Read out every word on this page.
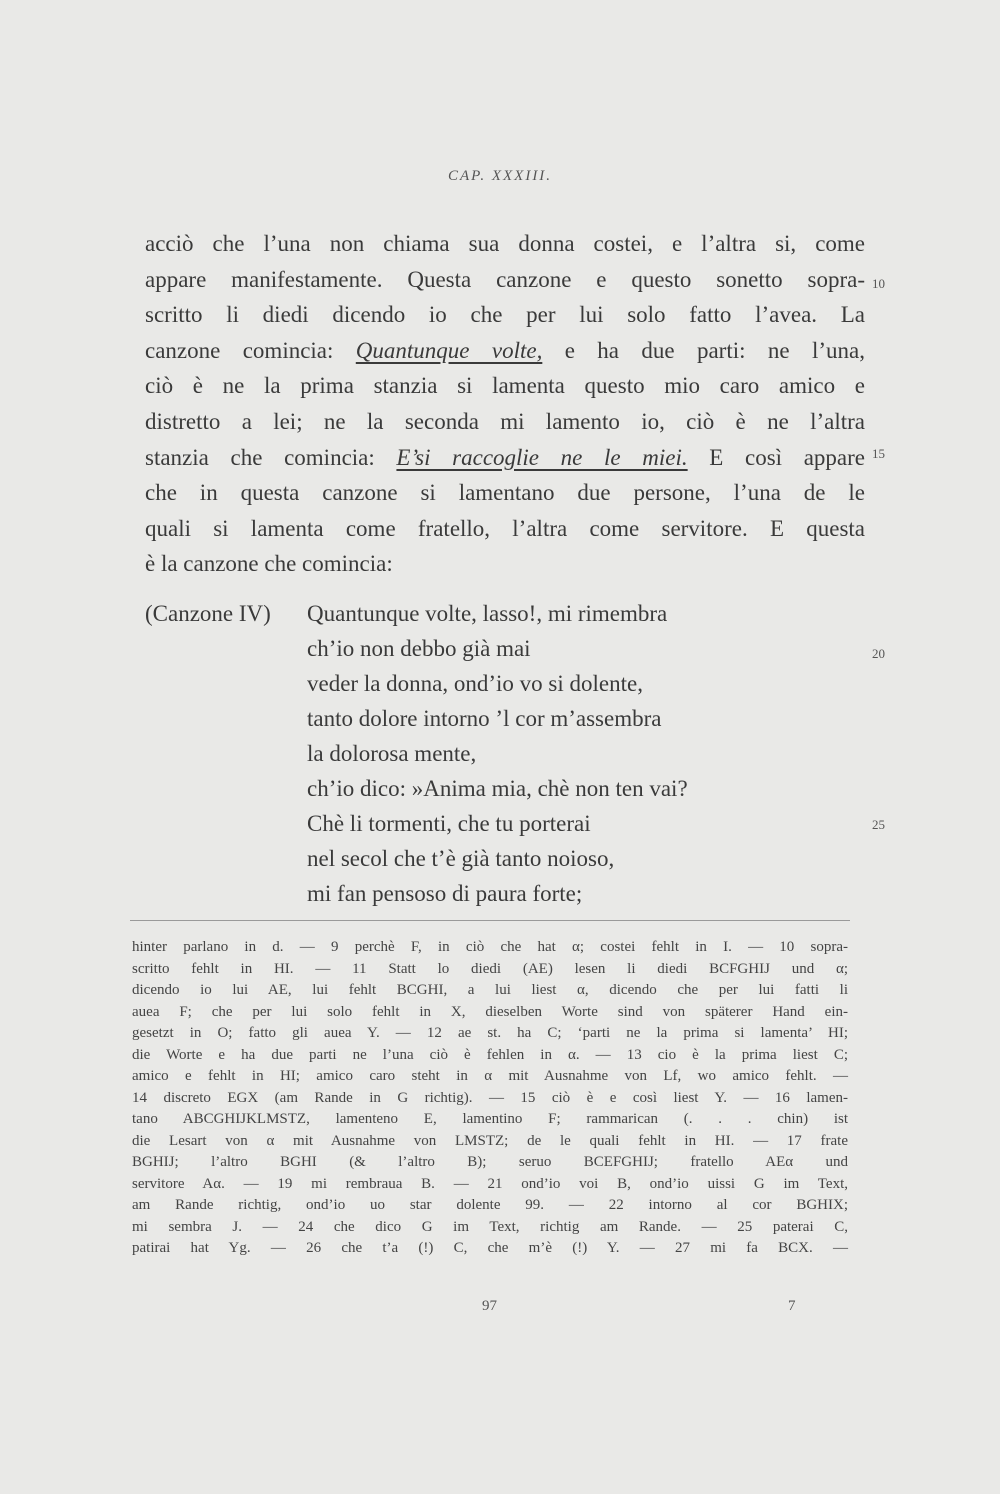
CAP. XXXIII.
acciò che l’una non chiama sua donna costei, e l’altra si, come
appare manifestamente. Questa canzone e questo sonetto sopra-
scritto li diedi dicendo io che per lui solo fatto l’avea. La
canzone comincia: Quantunque volte, e ha due parti: ne l’una,
ciò è ne la prima stanzia si lamenta questo mio caro amico e
distretto a lei; ne la seconda mi lamento io, ciò è ne l’altra
stanzia che comincia: E’si raccoglie ne le miei. E così appare
che in questa canzone si lamentano due persone, l’una de le
quali si lamenta come fratello, l’altra come servitore. E questa
è la canzone che comincia:
10
15
20
25
(Canzone IV)	Quantunque volte, lasso!, mi rimembra
ch’io non debbo già mai
veder la donna, ond’io vo si dolente,
tanto dolore intorno ’l cor m’assembra
la dolorosa mente,
ch’io dico: »Anima mia, chè non ten vai?
Chè li tormenti, che tu porterai
nel secol che t’è già tanto noioso,
mi fan pensoso di paura forte;
hinter parlano in d. — 9 perchè F, in ciò che hat α; costei fehlt in I. — 10 sopra-
scritto fehlt in HI. — 11 Statt lo diedi (AE) lesen li diedi BCFGHIJ und α;
dicendo io lui AE, lui fehlt BCGHI, a lui liest α, dicendo che per lui fatti li
auea F; che per lui solo fehlt in X, dieselben Worte sind von späterer Hand ein-
gesetzt in O; fatto gli auea Y. — 12 ae st. ha C; ‘parti ne la prima si lamenta’ HI;
die Worte e ha due parti ne l’una ciò è fehlen in α. — 13 cio è la prima liest C;
amico e fehlt in HI; amico caro steht in α mit Ausnahme von Lf, wo amico fehlt. —
14 discreto EGX (am Rande in G richtig). — 15 ciò è e così liest Y. — 16 lamen-
tano ABCGHIJKLMSTZ, lamenteno E, lamentino F; rammarican (. . . chin) ist
die Lesart von α mit Ausnahme von LMSTZ; de le quali fehlt in HI. — 17 frate
BGHIJ; l’altro BGHI (& l’altro B); seruo BCEFGHIJ; fratello AEα und
servitore Aα. — 19 mi rembraua B. — 21 ond’io voi B, ond’io uissi G im Text,
am Rande richtig, ond’io uo star dolente 99. — 22 intorno al cor BGHIX;
mi sembra J. — 24 che dico G im Text, richtig am Rande. — 25 paterai C,
patirai hat Yg. — 26 che t’a (!) C, che m’è (!) Y. — 27 mi fa BCX. —
97	7
